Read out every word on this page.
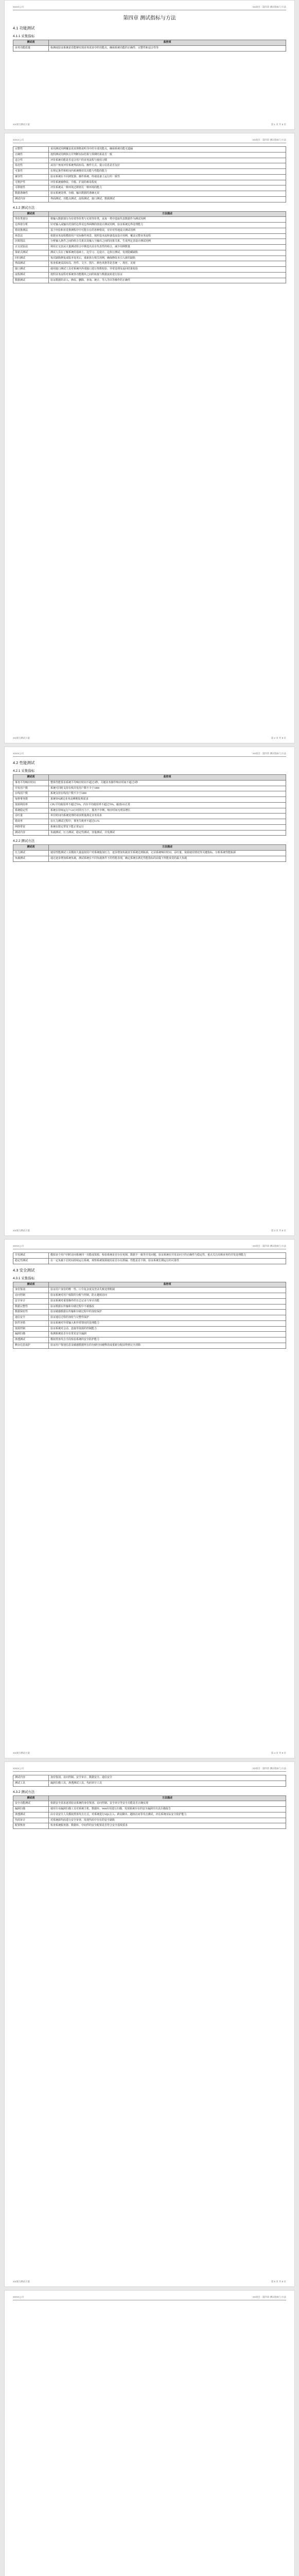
XXXX公司	XX项目 · 第四章 测试指标与方法
第四章 测试指标与方法
4.1 功能测试
4.1.1 采集指标
测试项	监控项
业务功能质量	检测或验证系统是否能够实现业务需求中的功能点，确保系统功能的正确性、完整性和适合性等
XX项目测试方案	第 1 页 共 9 页
XXXX公司	XX项目 · 第四章 测试指标与方法
完整性	采用测试用例覆盖需求规格说明书中的全部功能点，确保系统功能无遗漏
正确性	按照测试用例执行并判断实际结果与预期结果是否一致
适合性	评价系统功能是否适合用户的业务流程与使用习惯
易用性	从用户角度评价系统界面布局、操作方式、提示信息是否友好
可靠性	在规定条件和时间内系统维持其功能与性能的能力
兼容性	验证系统在不同浏览器、操作系统、终端设备上运行的一致性
可维护性	评价系统被修改、升级、扩展的难易程度
可移植性	评价系统从一种环境迁移到另一种环境的能力
数据准确性	验证系统处理、存储、输出数据的准确无误
测试内容	界面测试、功能点测试、流程测试、接口测试、数据测试
4.1.2 测试方法
测试项	方法描述
等价类划分	将输入数据划分为有效等价类与无效等价类，从每一类中选取代表数据作为测试用例
边界值分析	针对输入或输出范围的边界及边界两侧的值设计测试用例，验证系统边界处理能力
错误推测法	基于经验和直觉推测程序中可能存在的各种错误，有针对性地设计测试用例
场景法	依据业务流程模拟用户实际操作场景，按照基本流和备选流设计用例，覆盖完整业务流程
因果图法	分析输入条件之间的组合关系以及输入与输出之间的因果关系，生成判定表设计测试用例
正交试验法	利用正交表从大量测试组合中挑选出具有代表性的组合，减少用例数量
探索式测试	测试人员在了解系统的基础上，边学习、边设计、边执行测试，发现隐藏缺陷
回归测试	每次缺陷修复或版本变更后，重新执行相关用例，确保修改未引入新的缺陷
界面测试	检查系统页面布局、控件、文字、图片、颜色风格等是否统一、规范、美观
接口测试	使用接口测试工具对系统内外部接口进行参数校验、异常处理及返回结果校验
流程测试	按照业务流程对系统各功能模块之间的衔接与数据流转进行验证
数据测试	验证数据的录入、修改、删除、查询、统计、导入导出等操作的正确性
XX项目测试方案	第 2 页 共 9 页
XXXX公司	XX项目 · 第四章 测试指标与方法
4.2 性能测试
4.2.1 采集指标
测试项	监控项
事务平均响应时间	整体性能要求系统平均响应时间不超过3秒，关键业务操作响应时间不超过5秒
并发用户数	系统可同时支持在线并发用户数不少于1000
在线用户数	系统支持在线用户数不少于5000
每秒事务数	系统TPS满足业务高峰期处理需求
资源利用率	CPU平均使用率不超过70%，内存平均使用率不超过70%，磁盘I/O正常
系统稳定性	系统在持续运行7×24小时的压力下，服务不中断，响应时间无明显增长
吞吐量	单位时间内系统处理的请求数量满足业务需求
错误率	在压力测试过程中，事务失败率不超过0.1%
网络带宽	系统在限定带宽下能正常运行
测试内容	负载测试、压力测试、稳定性测试、容量测试、并发测试
4.2.2 测试方法
测试项	方法描述
压力测试	使用性能测试工具模拟大量虚拟用户对系统施加压力，逐步增加负载直至系统达到瓶颈，记录系统响应时间、吞吐量、资源使用情况等关键指标，分析系统性能瓶颈
负载测试	通过逐步增加系统负载，测试系统在不同负载条件下的性能表现，确定系统在满足性能指标的前提下所能承受的最大负载
XX项目测试方案	第 3 页 共 9 页
XXXX公司	XX项目 · 第四章 测试指标与方法
并发测试	模拟多个用户同时访问系统同一功能或资源，检验系统是否存在死锁、数据不一致等并发问题，验证系统在并发访问下的正确性与稳定性，重点关注高频业务的并发处理能力
稳定性测试	在一定负载下长时间持续运行系统，观察系统资源使用是否存在泄漏、性能是否下降，验证系统长期运行的可靠性
4.3 安全测试
4.3.1 采集指标
测试项	监控项
身份鉴别	验证用户身份的唯一性、口令复杂度及登录失败处理机制
访问控制	验证系统对用户权限的分配与控制，防止越权访问
安全审计	验证系统对重要操作的日志记录与审计功能
数据完整性	验证数据在传输和存储过程中不被篡改
数据保密性	验证敏感数据在传输和存储过程中的加密保护
通信安全	验证通信过程的加密与完整性保护
软件容错	验证系统对异常输入和异常情况的处理能力
资源控制	验证系统对会话、连接等资源的控制能力
漏洞扫描	检测系统是否存在常见安全漏洞
渗透测试	模拟黑客攻击手段检验系统的安全防护能力
剩余信息保护	验证用户鉴别信息及敏感数据所在的存储空间被释放或重新分配前得到完全清除
XX项目测试方案	第 4 页 共 9 页
XXXX公司	XX项目 · 第四章 测试指标与方法
测试内容	身份鉴别、访问控制、安全审计、数据安全、通信安全
测试工具	漏洞扫描工具、渗透测试工具、代码审计工具
4.3.2 测试方法
测试项	方法描述
安全功能测试	依据安全需求逐项验证系统的身份鉴别、访问控制、安全审计等安全功能是否正确实现
漏洞扫描	使用专业漏洞扫描工具对系统主机、数据库、Web应用进行扫描，发现系统存在的安全漏洞并出具扫描报告
渗透测试	由专业安全人员模拟黑客攻击方式，对系统进行SQL注入、跨站脚本、越权访问等攻击测试，评估系统实际安全防护能力
代码审计	对系统源代码进行安全审查，发现代码中存在的安全缺陷
配置核查	检查系统服务器、数据库、中间件的安全配置是否符合安全基线要求
XX项目测试方案	第 5 页 共 9 页
XXXX公司	XX项目 · 第四章 测试指标与方法
